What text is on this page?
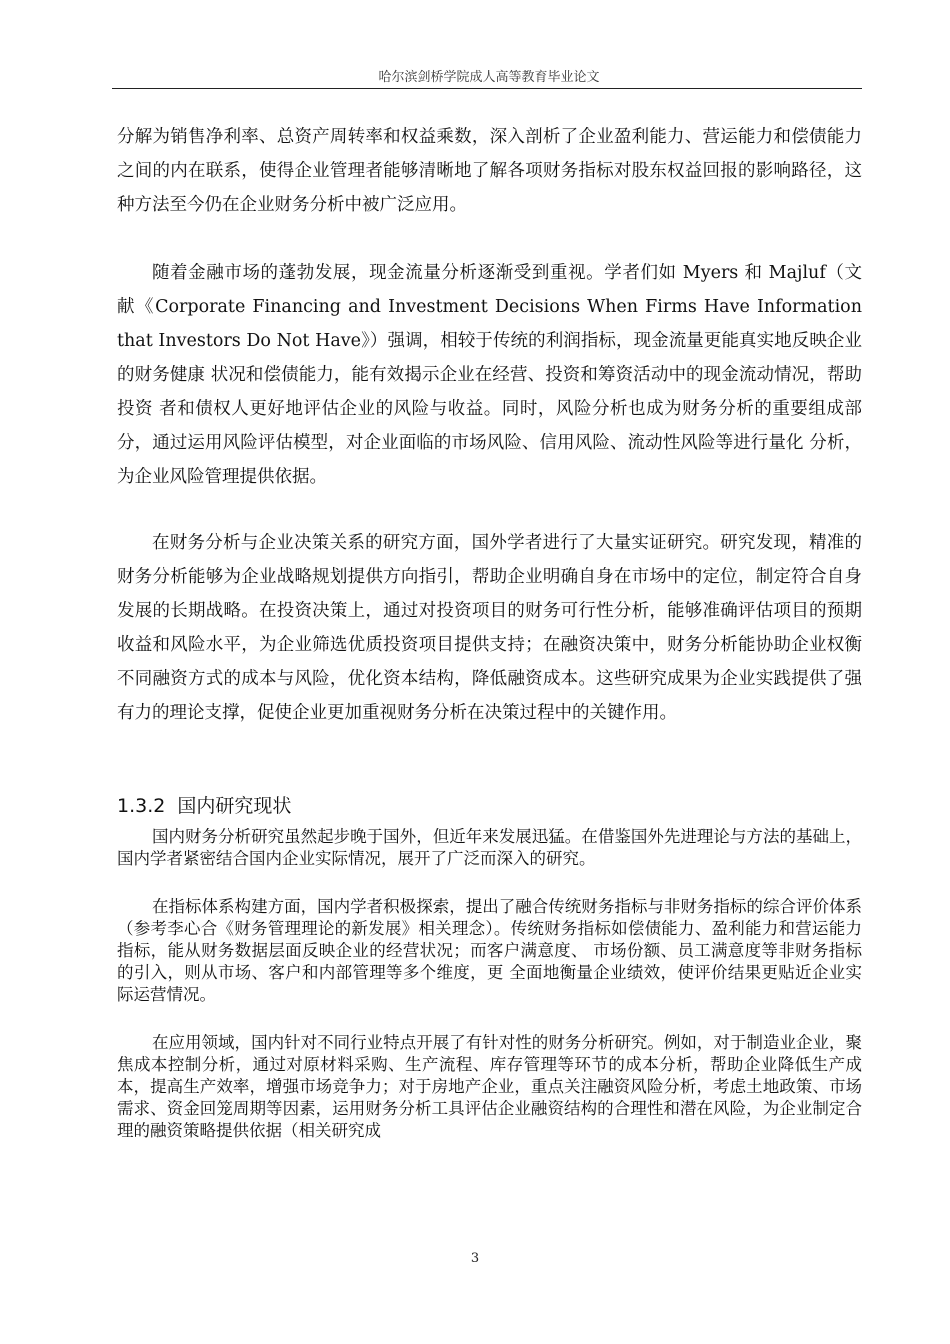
哈尔滨剑桥学院成人高等教育毕业论文

分解为销售净利率、总资产周转率和权益乘数，深入剖析了企业盈利能力、营运能力和偿债能力之间的内在联系，使得企业管理者能够清晰地了解各项财务指标对股东权益回报的影响路径，这种方法至今仍在企业财务分析中被广泛应用。

随着金融市场的蓬勃发展，现金流量分析逐渐受到重视。学者们如 Myers 和 Majluf（文 献《Corporate Financing and Investment Decisions When Firms Have Information that Investors Do Not Have》）强调，相较于传统的利润指标，现金流量更能真实地反映企业的财务健康 状况和偿债能力，能有效揭示企业在经营、投资和筹资活动中的现金流动情况，帮助投资 者和债权人更好地评估企业的风险与收益。同时，风险分析也成为财务分析的重要组成部 分，通过运用风险评估模型，对企业面临的市场风险、信用风险、流动性风险等进行量化 分析，为企业风险管理提供依据。

在财务分析与企业决策关系的研究方面，国外学者进行了大量实证研究。研究发现，精准的财务分析能够为企业战略规划提供方向指引，帮助企业明确自身在市场中的定位，制定符合自身发展的长期战略。在投资决策上，通过对投资项目的财务可行性分析，能够准确评估项目的预期收益和风险水平，为企业筛选优质投资项目提供支持；在融资决策中，财务分析能协助企业权衡不同融资方式的成本与风险，优化资本结构，降低融资成本。这些研究成果为企业实践提供了强有力的理论支撑，促使企业更加重视财务分析在决策过程中的关键作用。

1.3.2 国内研究现状

国内财务分析研究虽然起步晚于国外，但近年来发展迅猛。在借鉴国外先进理论与方法的基础上，国内学者紧密结合国内企业实际情况，展开了广泛而深入的研究。

在指标体系构建方面，国内学者积极探索，提出了融合传统财务指标与非财务指标的综合评价体系（参考李心合《财务管理理论的新发展》相关理念）。传统财务指标如偿债能力、盈利能力和营运能力指标，能从财务数据层面反映企业的经营状况；而客户满意度、 市场份额、员工满意度等非财务指标的引入，则从市场、客户和内部管理等多个维度，更 全面地衡量企业绩效，使评价结果更贴近企业实际运营情况。

在应用领域，国内针对不同行业特点开展了有针对性的财务分析研究。例如，对于制造业企业，聚焦成本控制分析，通过对原材料采购、生产流程、库存管理等环节的成本分析，帮助企业降低生产成本，提高生产效率，增强市场竞争力；对于房地产企业，重点关注融资风险分析，考虑土地政策、市场需求、资金回笼周期等因素，运用财务分析工具评估企业融资结构的合理性和潜在风险，为企业制定合理的融资策略提供依据（相关研究成

3
